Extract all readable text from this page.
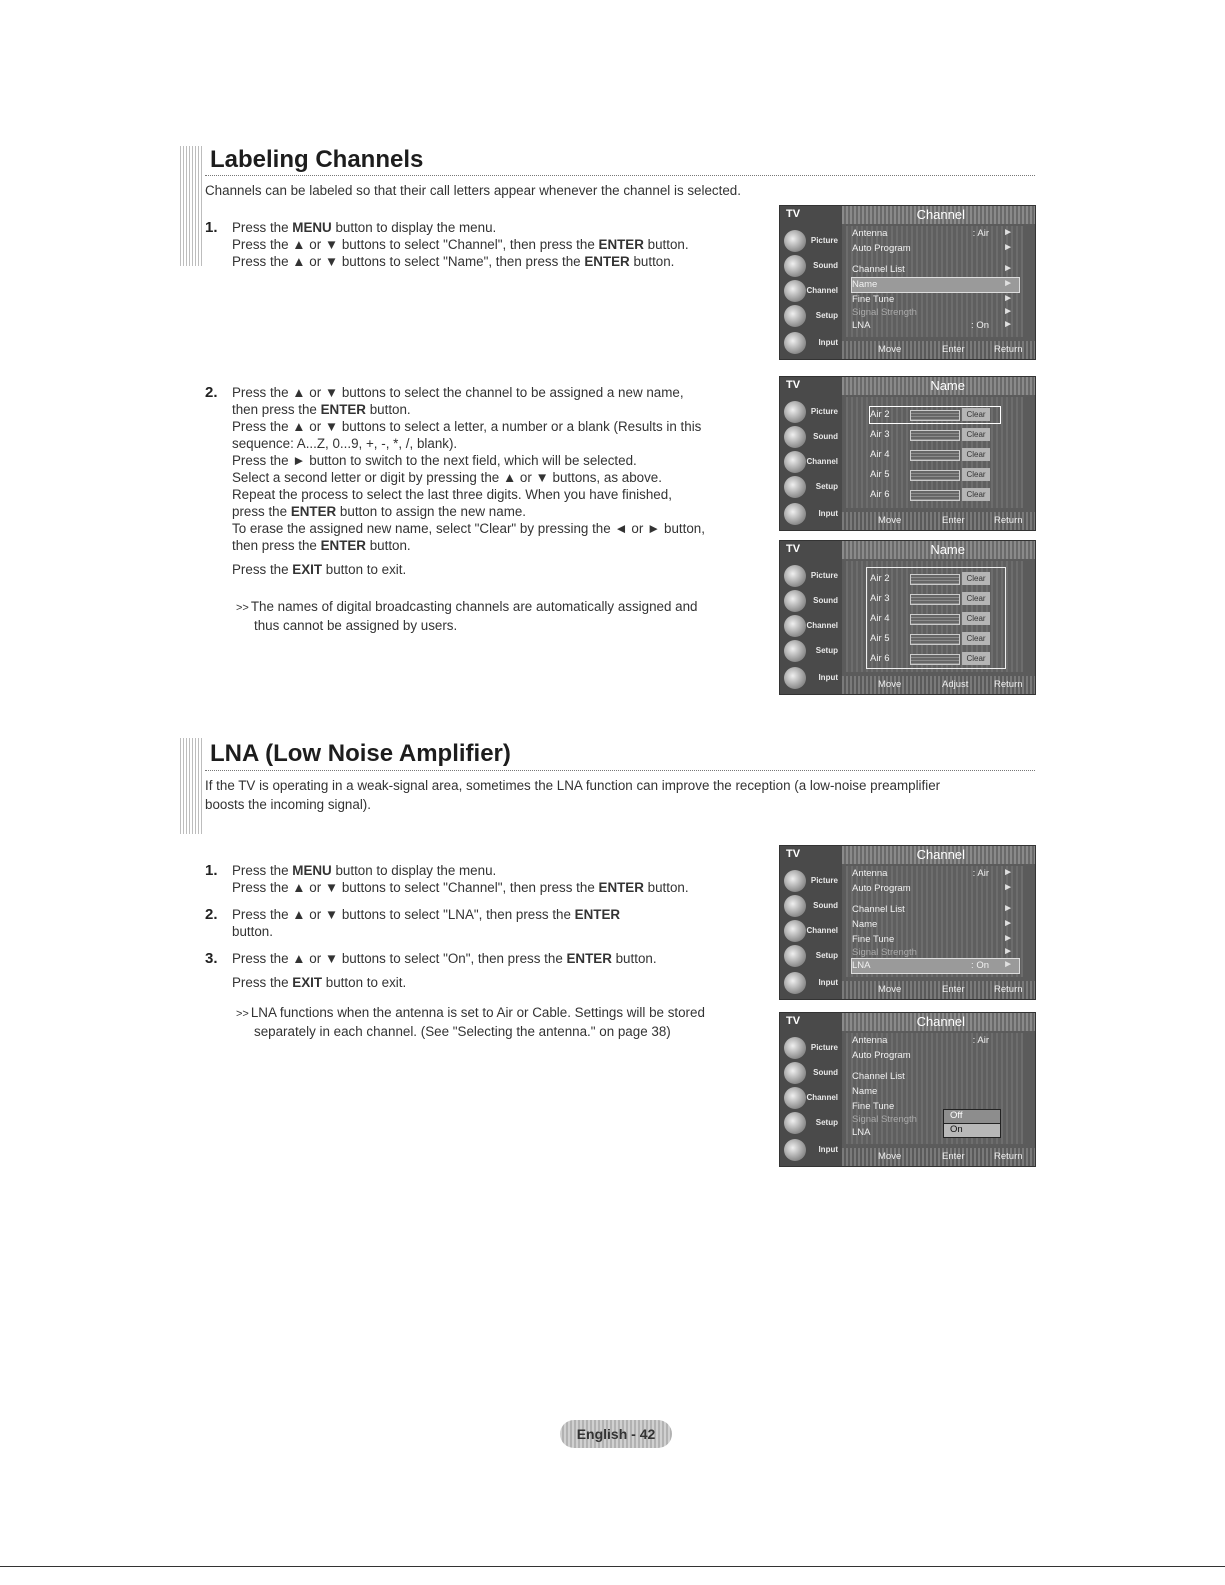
Labeling Channels
Channels can be labeled so that their call letters appear whenever the channel is selected.
1. Press the MENU button to display the menu.

Press the ▲ or ▼ buttons to select "Channel", then press the ENTER button.

Press the ▲ or ▼ buttons to select "Name", then press the ENTER button.

2. Press the ▲ or ▼ buttons to select the channel to be assigned a new name,

then press the ENTER button.

Press the ▲ or ▼ buttons to select a letter, a number or a blank (Results in this

sequence: A...Z, 0...9, +, -, *, /, blank).

Press the ► button to switch to the next field, which will be selected.

Select a second letter or digit by pressing the ▲ or ▼ buttons, as above.

Repeat the process to select the last three digits. When you have finished,

press the ENTER button to assign the new name.

To erase the assigned new name, select "Clear" by pressing the ◄ or ► button,

then press the ENTER button.

Press the EXIT button to exit.

>> The names of digital broadcasting channels are automatically assigned and
thus cannot be assigned by users.
TV
Picture
Sound
Channel
Setup
Input
Channel
Antenna	: Air ►
Auto Program	►
Channel List	►
Name	►
Fine Tune	►
Signal Strength	►
LNA	: On ►
Move	Enter	Return
TV
Picture
Sound
Channel
Setup
Input
Name
Air 2	Clear
Air 3	Clear
Air 4	Clear
Air 5	Clear
Air 6	Clear
Move	Enter	Return
TV
Picture
Sound
Channel
Setup
Input
Name
Air 2	Clear
Air 3	Clear
Air 4	Clear
Air 5	Clear
Air 6	Clear
Move	Adjust	Return
LNA (Low Noise Amplifier)
If the TV is operating in a weak-signal area, sometimes the LNA function can improve the reception (a low-noise preamplifier
boosts the incoming signal).
1. Press the MENU button to display the menu.

Press the ▲ or ▼ buttons to select "Channel", then press the ENTER button.

2. Press the ▲ or ▼ buttons to select "LNA", then press the ENTER

button.

3. Press the ▲ or ▼ buttons to select "On", then press the ENTER button.

Press the EXIT button to exit.

>> LNA functions when the antenna is set to Air or Cable. Settings will be stored
separately in each channel. (See "Selecting the antenna." on page 38)
TV
Picture
Sound
Channel
Setup
Input
Channel
Antenna	: Air ►
Auto Program	►
Channel List	►
Name	►
Fine Tune	►
Signal Strength	►
LNA	: On ►
Move	Enter	Return
TV
Picture
Sound
Channel
Setup
Input
Channel
Antenna	: Air
Auto Program
Channel List
Name
Fine Tune
Signal Strength
LNA
Off
On
Move	Enter	Return
English - 42
